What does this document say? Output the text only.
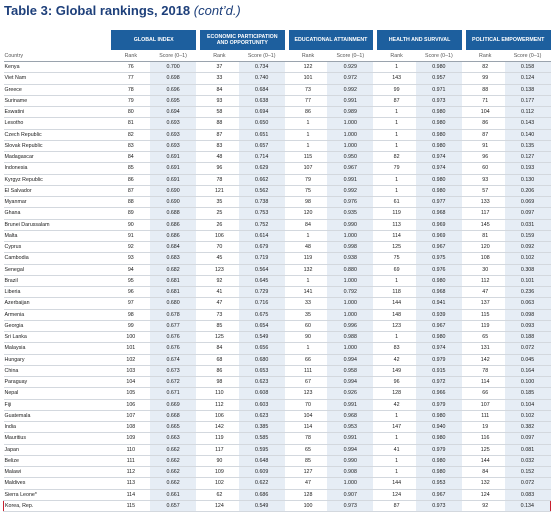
Table 3: Global rankings, 2018 (cont’d.)
	GLOBAL INDEX			ECONOMIC PARTICIPATION AND OPPORTUNITY			EDUCATIONAL ATTAINMENT			HEALTH AND SURVIVAL			POLITICAL EMPOWERMENT	
Country	Rank	Score (0–1)		Rank	Score (0–1)		Rank	Score (0–1)		Rank	Score (0–1)		Rank	Score (0–1)
Kenya	76	0.700		37	0.734		122	0.929		1	0.980		82	0.158
Viet Nam	77	0.698		33	0.740		101	0.972		143	0.957		99	0.124
Greece	78	0.696		84	0.684		73	0.992		99	0.971		88	0.138
Suriname	79	0.695		93	0.638		77	0.991		87	0.973		71	0.177
Eswatini	80	0.694		58	0.694		86	0.989		1	0.980		104	0.112
Lesotho	81	0.693		88	0.650		1	1.000		1	0.980		86	0.143
Czech Republic	82	0.693		87	0.651		1	1.000		1	0.980		87	0.140
Slovak Republic	83	0.693		83	0.657		1	1.000		1	0.980		91	0.135
Madagascar	84	0.691		48	0.714		115	0.950		82	0.974		96	0.127
Indonesia	85	0.691		96	0.629		107	0.967		79	0.974		60	0.193
Kyrgyz Republic	86	0.691		78	0.662		79	0.991		1	0.980		93	0.130
El Salvador	87	0.690		121	0.562		75	0.992		1	0.980		57	0.206
Myanmar	88	0.690		35	0.738		98	0.976		61	0.977		133	0.069
Ghana	89	0.688		25	0.753		120	0.935		119	0.968		117	0.097
Brunei Darussalam	90	0.686		26	0.752		84	0.990		113	0.969		145	0.031
Malta	91	0.686		106	0.614		1	1.000		114	0.969		81	0.159
Cyprus	92	0.684		70	0.679		48	0.998		125	0.967		120	0.092
Cambodia	93	0.683		45	0.719		119	0.938		75	0.975		108	0.102
Senegal	94	0.682		123	0.564		132	0.880		69	0.976		30	0.308
Brazil	95	0.681		92	0.645		1	1.000		1	0.980		112	0.101
Liberia	96	0.681		41	0.729		141	0.792		118	0.968		47	0.236
Azerbaijan	97	0.680		47	0.716		33	1.000		144	0.941		137	0.063
Armenia	98	0.678		73	0.675		35	1.000		148	0.939		115	0.098
Georgia	99	0.677		85	0.654		60	0.996		123	0.967		119	0.093
Sri Lanka	100	0.676		125	0.549		90	0.988		1	0.980		65	0.188
Malaysia	101	0.676		84	0.656		1	1.000		83	0.974		131	0.072
Hungary	102	0.674		68	0.680		66	0.994		42	0.979		142	0.045
China	103	0.673		86	0.653		111	0.958		149	0.915		78	0.164
Paraguay	104	0.672		98	0.623		67	0.994		96	0.972		114	0.100
Nepal	105	0.671		110	0.608		123	0.926		128	0.966		66	0.185
Fiji	106	0.669		112	0.603		70	0.991		42	0.979		107	0.104
Guatemala	107	0.668		106	0.623		104	0.968		1	0.980		111	0.102
India	108	0.665		142	0.385		114	0.953		147	0.940		19	0.382
Mauritius	109	0.663		119	0.585		78	0.991		1	0.980		116	0.097
Japan	110	0.662		117	0.595		65	0.994		41	0.979		125	0.081
Belize	111	0.662		90	0.648		85	0.990		1	0.980		144	0.032
Malawi	112	0.662		109	0.609		127	0.908		1	0.980		84	0.152
Maldives	113	0.662		102	0.622		47	1.000		144	0.953		132	0.072
Sierra Leone*	114	0.661		62	0.686		128	0.907		124	0.967		124	0.083
Korea, Rep.	115	0.657		124	0.549		100	0.973		87	0.973		92	0.134
